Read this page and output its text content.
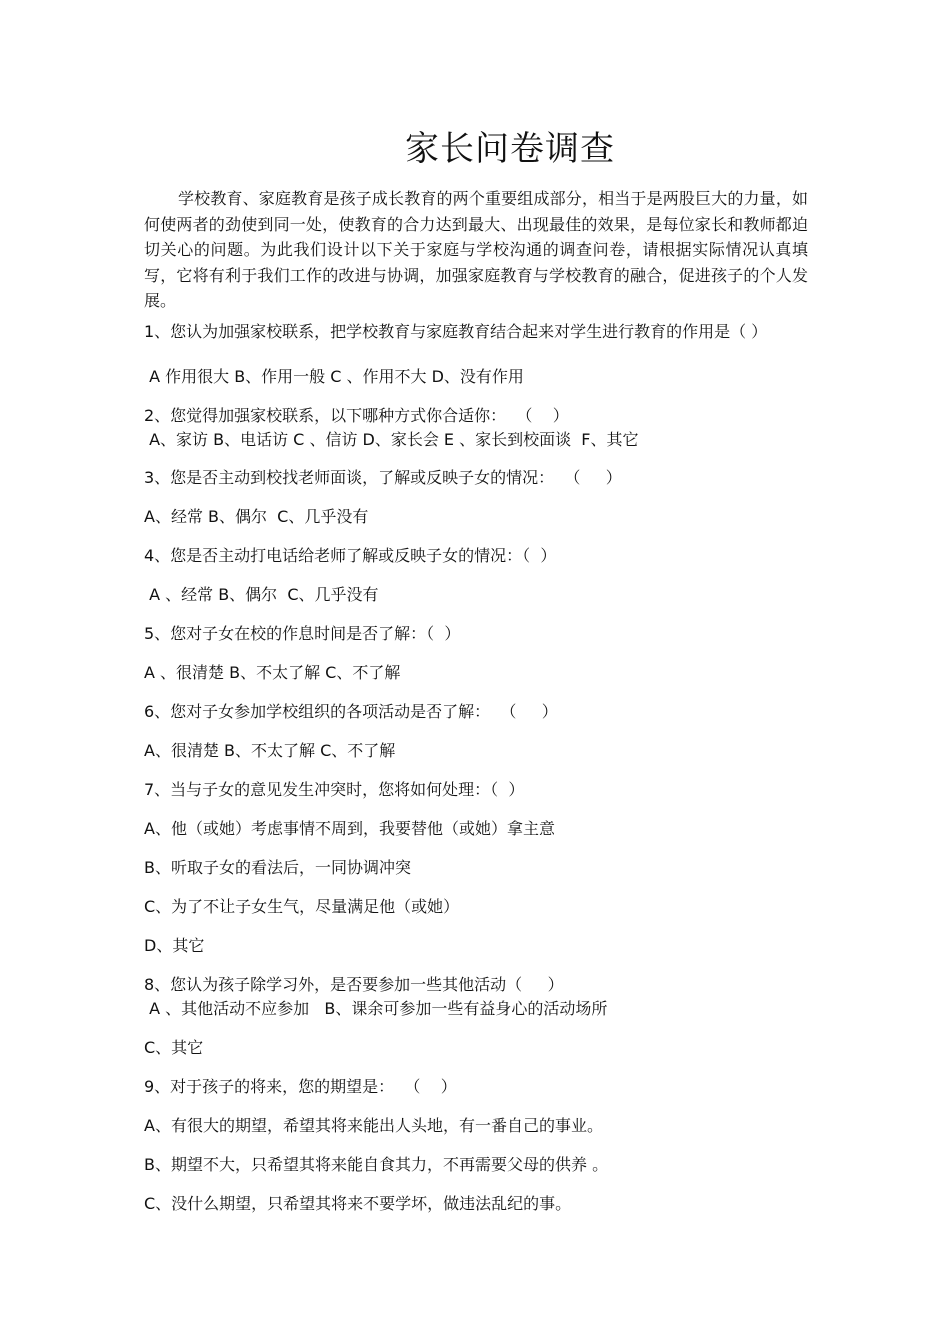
家长问卷调查
学校教育、家庭教育是孩子成长教育的两个重要组成部分，相当于是两股巨大的力量，如何使两者的劲使到同一处，使教育的合力达到最大、出现最佳的效果，是每位家长和教师都迫切关心的问题。为此我们设计以下关于家庭与学校沟通的调查问卷，请根据实际情况认真填写，它将有利于我们工作的改进与协调，加强家庭教育与学校教育的融合，促进孩子的个人发展。
1、您认为加强家校联系，把学校教育与家庭教育结合起来对学生进行教育的作用是（ ）
A 作用很大 B、作用一般 C 、作用不大 D、没有作用
2、您觉得加强家校联系，以下哪种方式你合适你：  （    ）
A、家访 B、电话访 C 、信访 D、家长会 E 、家长到校面谈  F、其它
3、您是否主动到校找老师面谈，了解或反映子女的情况：  （     ）
A、经常 B、偶尔  C、几乎没有
4、您是否主动打电话给老师了解或反映子女的情况：（  ）
A 、经常 B、偶尔  C、几乎没有
5、您对子女在校的作息时间是否了解：（  ）
A 、很清楚 B、不太了解 C、不了解
6、您对子女参加学校组织的各项活动是否了解：  （     ）
A、很清楚 B、不太了解 C、不了解
7、当与子女的意见发生冲突时，您将如何处理：（  ）
A、他（或她）考虑事情不周到，我要替他（或她）拿主意
B、听取子女的看法后，一同协调冲突
C、为了不让子女生气，尽量满足他（或她）
D、其它
8、您认为孩子除学习外，是否要参加一些其他活动（     ）
A 、其他活动不应参加   B、课余可参加一些有益身心的活动场所
C、其它
9、对于孩子的将来，您的期望是：  （    ）
A、有很大的期望，希望其将来能出人头地，有一番自己的事业。
B、期望不大，只希望其将来能自食其力，不再需要父母的供养 。
C、没什么期望，只希望其将来不要学坏，做违法乱纪的事。
